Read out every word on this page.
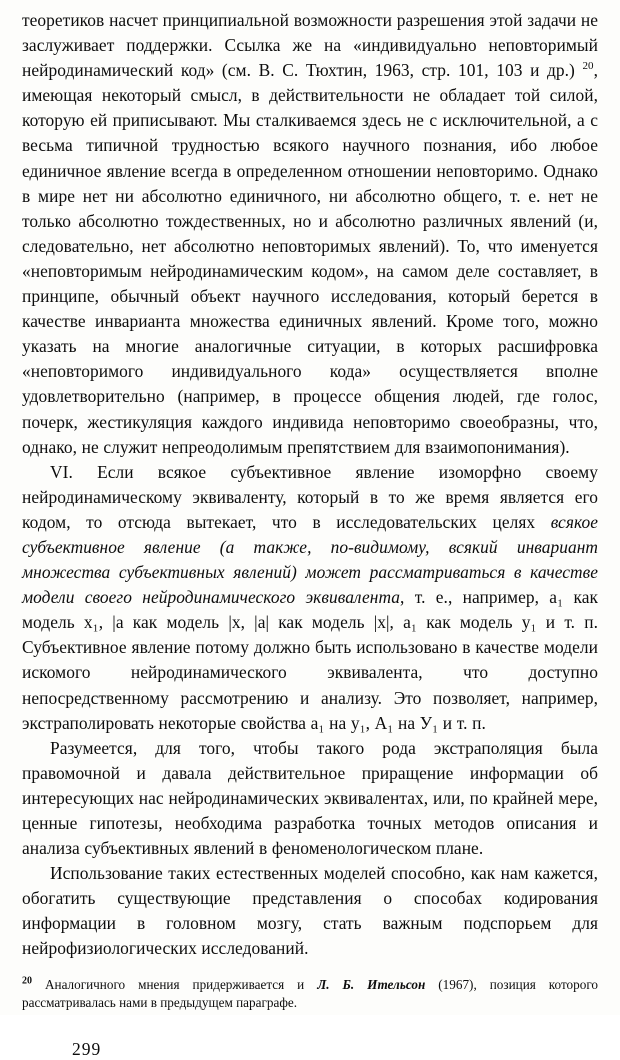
теоретиков насчет принципиальной возможности разрешения этой задачи не заслуживает поддержки. Ссылка же на «индивидуально неповторимый нейродинамический код» (см. В. С. Тюхтин, 1963, стр. 101, 103 и др.) $^{20}$, имеющая некоторый смысл, в действительности не обладает той силой, которую ей приписывают. Мы сталкиваемся здесь не с исключительной, а с весьма типичной трудностью всякого научного познания, ибо любое единичное явление всегда в определенном отношении неповторимо. Однако в мире нет ни абсолютно единичного, ни абсолютно общего, т. е. нет не только абсолютно тождественных, но и абсолютно различных явлений (и, следовательно, нет абсолютно неповторимых явлений). То, что именуется «неповторимым нейродинамическим кодом», на самом деле составляет, в принципе, обычный объект научного исследования, который берется в качестве инварианта множества единичных явлений. Кроме того, можно указать на многие аналогичные ситуации, в которых расшифровка «неповторимого индивидуального кода» осуществляется вполне удовлетворительно (например, в процессе общения людей, где голос, почерк, жестикуляция каждого индивида неповторимо своеобразны, что, однако, не служит непреодолимым препятствием для взаимопонимания).

VI. Если всякое субъективное явление изоморфно своему нейродинамическому эквиваленту, который в то же время является его кодом, то отсюда вытекает, что в исследовательских целях всякое субъективное явление (а также, по-видимому, всякий инвариант множества субъективных явлений) может рассматриваться в качестве модели своего нейродинамического эквивалента, т. е., например, а₁ как модель х₁, |а как модель |x, |а| как модель |х|, а₁ как модель у₁ и т. п. Субъективное явление потому должно быть использовано в качестве модели искомого нейродинамического эквивалента, что доступно непосредственному рассмотрению и анализу. Это позволяет, например, экстраполировать некоторые свойства а₁ на у₁, А₁ на У₁ и т. п.

Разумеется, для того, чтобы такого рода экстраполяция была правомочной и давала действительное приращение информации об интересующих нас нейродинамических эквивалентах, или, по крайней мере, ценные гипотезы, необходима разработка точных методов описания и анализа субъективных явлений в феноменологическом плане.

Использование таких естественных моделей способно, как нам кажется, обогатить существующие представления о способах кодирования информации в головном мозгу, стать важным подспорьем для нейрофизиологических исследований.

$^{20}$ Аналогичного мнения придерживается и Л. Б. Ительсон (1967), позиция которого рассматривалась нами в предыдущем параграфе.
299
